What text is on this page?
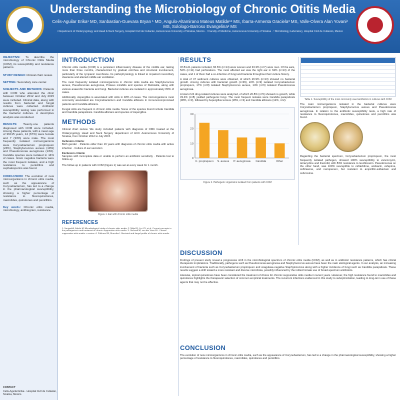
Understanding the Microbiology of Chronic Otitis Media
Celis-Aguilar Erika¹ MD, Sanbastian-Guevara Bryan ¹ MD, Angulo-Altamirano Mateus Matilde¹² MS, Ibarra-Armenta Graciela³ MS, Valle-Olvera Alan Yovani² MS, Solologo-Barroso Evangelina² MS
¹ Department of Otolaryngology and Head & Neck Surgery, Hospital Civil de Culiacán, Autonomous University of Sinaloa, Mexico · ² Faculty of Medicine, Autonomous University of Sinaloa · ³ Microbiology Laboratory, Hospital Civil de Culiacán, Mexico
OBJECTIVE: To describe the microbiology of Chronic Otitis Media (COM), its susceptibility and resistance patterns.
STUDY DESIGN: Clinical chart review.
SETTING: Secondary care center.
SUBJECTS AND METHODS: Patients with COM who attended the clinic between October 2012 and July 2015 were included. Clinical data, along with results from bacterial and fungal cultures were collected. Antibiotic susceptibility testing was performed in the bacterial cultures. A descriptive analysis was conducted.
RESULTS: Twenty-one patients diagnosed with COM were included. Among these patients, with a mean age of 36±15 years, 14 (67%) were female and 7 (33%) were male. The most frequently isolated microorganisms were Corynebacterium propinquum (24%), Staphylococcus aureus (19%) and Pseudomonas aeruginosa (14%). Candida species were isolated in 14% of cases. Gram negative bacteria were the most frequent isolates, and a high resistance to penicillins and cephalosporins was found.
CONCLUSION: The evolution of new microorganisms in chronic otitis media, such as the appearance of Corynebacterium, has led to a change in the pharmacological susceptibility, showing a higher percentage of resistance to fluoroquinolones, macrolides, quinolones and penicillins.
Key words: Chronic otitis media, microbiology, antibiogram, resistance.
CONTACT
Celis-Aguilar Erika · Hospital Civil de Culiacán, Sinaloa, México
INTRODUCTION

Chronic otitis media (COM) is a persistent inflammatory disease of the middle ear, lasting more than three months, characterized by gradual otorrhea and structural involvement, particularly of the tympanic membrane. Its pathophysiology is linked to impaired mucociliary clearance and altered middle ear ventilation.

The most frequently isolated microorganisms in chronic otitis media are Staphylococcus aureus, Pseudomonas aeruginosa, Proteus mirabilis and species of Klebsiella, along with various anaerobic bacteria and fungi. Bacterial cultures are isolated in approximately 80% of cases.

Additionally, Aspergillus is associated with otitis in 48% of cases. The microorganisms most commonly associated are Corynebacterium and Candida albicans in immunocompromised patients and Candida albicans.

Fungal otitis are frequent in chronic otitis media. Some of the species found include Candida and Candida parapsilosis. Candida albicans and species of Aspergillus.

METHODS

Clinical chart review. We study included patients with diagnosis of OMC treated at the Otolaryngology Head and Neck Surgery department of HCC Autonomous University of Sinaloa, from October 2012 to July 2015.

Inclusion criteria:

Both gender · Patients older than 16 years with diagnosis of chronic otitis media with active infection · Culture of ear secretion

Exclusion criteria:

Samples with incomplete data or unable to perform an antibiotic sensitivity · Patients lost to follow-up

The follow-up in patients with COM (Figure 1) was set at every week for 1 month.

Figure 1. Ear with chronic otitis media
REFERENCES

1. Sariyad A, Salehi M. Microbiological study of chronic otitis media. 2. Mittal R, Lisi CV, et al. Current concepts in the pathogenesis and treatment of chronic suppurative otitis media. 3. Verhoeff M, van der Veen EL. Chronic suppurative otitis media: a review. 4. Pokharel M, Shrestha I. Bacterial and fungal profile of chronic otitis media.

RESULTS

Of 84-21 patients included, 66.6% (n=14) were women and 33.3% (n=7) were men. Of the ears, 52% (n=11) had perforations. The most affected ear was the right ear in 62% (n=13) of the cases, and 1 of them had a co-infection of fungi and bacteria throughout their culture history.

A total of 47 sediment cultures were obtained, of which 26.9% (n=13) showed no bacterial growth. Among cultures with bacterial growth (n=39), 22% (n=9) isolated Corynebacterium propinquum, 17% (n=8) isolated Staphylococcus aureus, 14% (n=6) isolated Pseudomonas aeruginosa.

A total of 24 drug-related cultures were analyzed, of which 20.8% (n=5) showed no growth, while 33.4% (n=8) yielded pathogenic fungi. The most frequent isolates were Candida parapsilosis (38%, n=3), followed by Aspergillus terreus (18%, n=3) and Candida albicans (12%, n=2).

0
10
20
30
C. propinquum S. aureus P. aeruginosa Candida	Other
Figure 2. Pathogenic organisms isolated from patients with COM
Table 1. Susceptibility of the most commonly used antibiotics in cultures with COM

The main microorganisms isolated in the bacterial cultures were Corynebacterium propinquum, Staphylococcus aureus and Pseudomonas aeruginosa. In relation to the antibiotic susceptibility tests, a high rate of resistance to fluoroquinolones, macrolides, quinolones and penicillins was found.

Regarding the bacterial spectrum, Corynebacterium propinquum, the most frequently isolated pathogen, showed 100% susceptibility to vancomycin, tetracycline and linezolid, with 83% resistance to levofloxacin. Pseudomonas on the other hand, was 100% susceptible to ceftazidime, amikacin, cefepime, ceftriaxone, and meropenem, but resistant to ampicillin-sulbactam and cefuroxime.

DISCUSSION

Findings of present study reveal a progressive shift in the microbiological spectrum of chronic otitis media (COM), as well as in antibiotic resistance patterns, which has critical therapeutic implications. Traditionally, pathogens such as Pseudomonas aeruginosa and Staphylococcus aureus have been the main etiological agents. In our analysis, an increasing involvement of bacteria such as Corynebacterium propinquum and coagulase-negative Staphylococcus along with a higher incidence of fungi such as Candida parapsilosis. These results suggest a shift toward a more resistant and diverse microbiota, possibly influenced by the indiscriminate use of broad-spectrum antibiotics.

Likewise, topical quinolones have been considered the treatment of choice for chronic suppurative otitis media in recent years. However, the high resistance found to macrolides and quinolones highlights the therapeutic selection of common empirical treatments. The recurrent infections evidenced in this study to suboptimization, leading to long-term use of these agents that may not be effective.

CONCLUSION

The evolution of new microorganisms in chronic otitis media, such as the appearance of Corynebacterium, has led to a change in the pharmacological susceptibility, showing a higher percentage of resistance to fluoroquinolones, macrolides, quinolones and penicillins.
